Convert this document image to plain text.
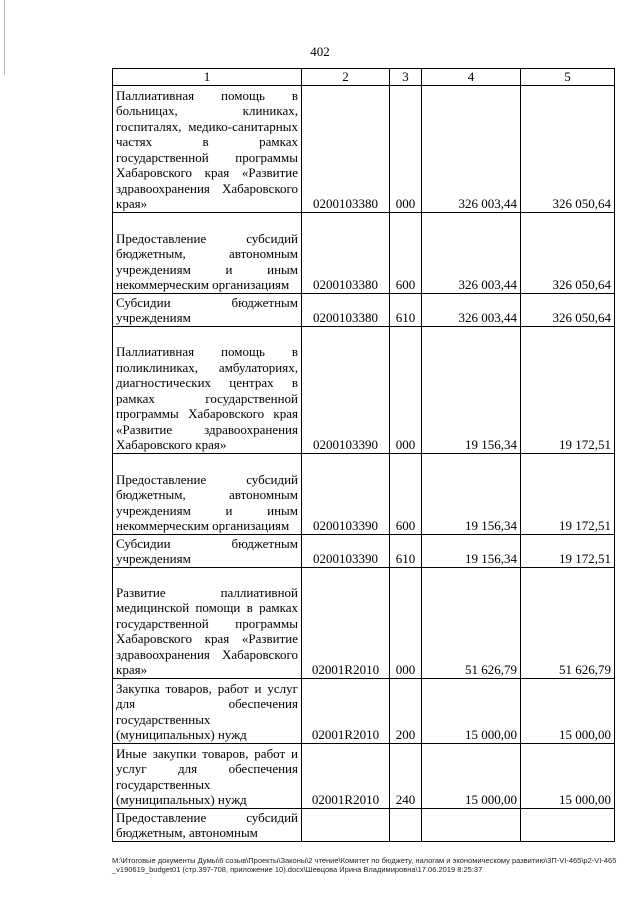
402
1	2	3	4	5
Паллиативная помощь в больницах, клиниках, госпиталях, медико-санитарных частях в рамках государственной программы Хабаровского края «Развитие здравоохранения Хабаровского края»	0200103380	000	326 003,44	326 050,64
Предоставление субсидий бюджетным, автономным учреждениям и иным некоммерческим организациям	0200103380	600	326 003,44	326 050,64
Субсидии бюджетным учреждениям	0200103380	610	326 003,44	326 050,64
Паллиативная помощь в поликлиниках, амбулаториях, диагностических центрах в рамках государственной программы Хабаровского края «Развитие здравоохранения Хабаровского края»	0200103390	000	19 156,34	19 172,51
Предоставление субсидий бюджетным, автономным учреждениям и иным некоммерческим организациям	0200103390	600	19 156,34	19 172,51
Субсидии бюджетным учреждениям	0200103390	610	19 156,34	19 172,51
Развитие паллиативной медицинской помощи в рамках государственной программы Хабаровского края «Развитие здравоохранения Хабаровского края»	02001R2010	000	51 626,79	51 626,79
Закупка товаров, работ и услуг для обеспечения государственных (муниципальных) нужд	02001R2010	200	15 000,00	15 000,00
Иные закупки товаров, работ и услуг для обеспечения государственных (муниципальных) нужд	02001R2010	240	15 000,00	15 000,00
Предоставление субсидий бюджетным, автономным				
M:\Итоговые документы Думы\6 созыв\Проекты\Законы\2 чтение\Комитет по бюджету, налогам и экономическому развитию\3П-VI-465\р2-VI-465_v190619_budget01 (стр.397-708, приложение 10).docx\Шевцова Ирина Владимировна\17.06.2019 8:25:37
